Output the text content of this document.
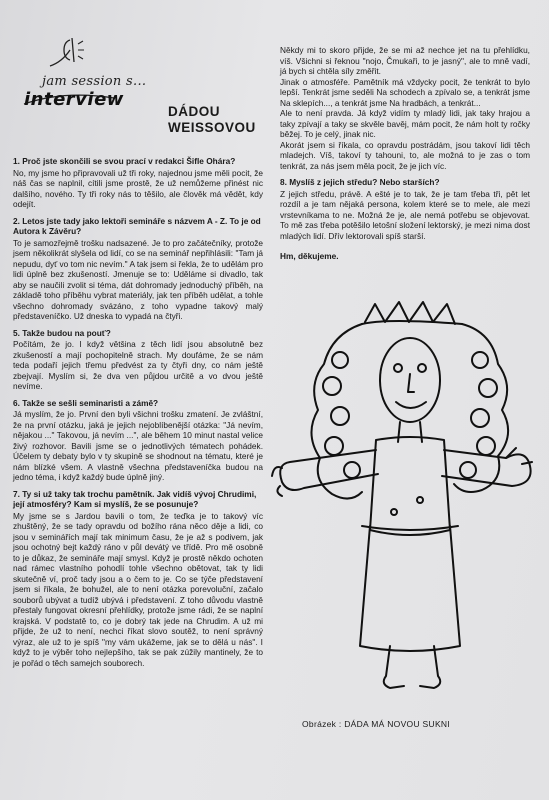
jam session s...
interview
DÁDOU
WEISSOVOU
1. Proč jste skončili se svou prací v redakci Šifle Ohára?

No, my jsme ho připravovali už tři roky, najednou jsme měli pocit, že náš čas se naplnil, cítili jsme prostě, že už nemůžeme přinést nic dalšího, nového. Ty tři roky nás to těšilo, ale člověk má vědět, kdy odejít.

2. Letos jste tady jako lektoři semináře s názvem A - Z. To je od Autora k Závěru?

To je samozřejmě trošku nadsazené. Je to pro začátečníky, protože jsem několikrát slyšela od lidí, co se na seminář nepřihlásili: "Tam já nepudu, dyť vo tom nic nevím." A tak jsem si řekla, že to udělám pro lidi úplně bez zkušeností. Jmenuje se to: Uděláme si divadlo, tak aby se naučili zvolit si téma, dát dohromady jednoduchý příběh, na základě toho příběhu vybrat materiály, jak ten příběh udělat, a tohle všechno dohromady svázáno, z toho vypadne takový malý představeníčko. Už dneska to vypadá na čtyři.

5. Takže budou na pouť?

Počítám, že jo. I když většina z těch lidí jsou absolutně bez zkušeností a mají pochopitelně strach. My doufáme, že se nám teda podaří jejich třemu předvést za ty čtyři dny, co nám ještě zbejvají. Myslím si, že dva ven půjdou určitě a vo dvou ještě nevíme.

6. Takže se sešli seminaristi a zámě?

Já myslím, že jo. První den byli všichni trošku zmatení. Je zvláštní, že na první otázku, jaká je jejich nejoblíbenější otázka: "Já nevím, nějakou ..." Takovou, já nevím ...", ale během 10 minut nastal velice živý rozhovor. Bavili jsme se o jednotlivých tématech pohádek. Účelem ty debaty bylo v ty skupině se shodnout na tématu, které je nám blízké všem. A vlastně všechna představeníčka budou na jedno téma, i když každý bude úplně jiný.

7. Ty si už taky tak trochu pamětník. Jak vidíš vývoj Chrudimi, její atmosféry? Kam si myslíš, že se posunuje?

My jsme se s Jardou bavili o tom, že teďka je to takový víc zhuštěný, že se tady opravdu od božího rána něco děje a lidi, co jsou v seminářích mají tak minimum času, že je až s podivem, jak jsou ochotný bejt každý ráno v půl devátý ve třídě. Pro mě osobně to je důkaz, že semináře mají smysl. Když je prostě někdo ochoten nad rámec vlastního pohodlí tohle všechno obětovat, tak ty lidi skutečně ví, proč tady jsou a o čem to je. Co se týče představení jsem si říkala, že bohužel, ale to není otázka porevoluční, začalo souborů ubývat a tudíž ubývá i představení. Z toho důvodu vlastně přestaly fungovat okresní přehlídky, protože jsme rádi, že se naplní krajská. V podstatě to, co je dobrý tak jede na Chrudim. A už mi přijde, že už to není, nechci říkat slovo soutěž, to není správný výraz, ale už to je spíš "my vám ukážeme, jak se to dělá u nás". I když to je výběr toho nejlepšího, tak se pak zúžily mantinely, že to je pořád o těch samejch souborech.

Někdy mi to skoro přijde, že se mi až nechce jet na tu přehlídku, víš. Všichni si řeknou "nojo, Čmukaři, to je jasný", ale to mně vadí, já bych si chtěla síly změřit.

Jinak o atmosféře. Pamětník má vždycky pocit, že tenkrát to bylo lepší. Tenkrát jsme seděli Na schodech a zpívalo se, a tenkrát jsme Na sklepích..., a tenkrát jsme Na hradbách, a tenkrát...

Ale to není pravda. Já když vidím ty mladý lidi, jak taky hrajou a taky zpívají a taky se skvěle bavěj, mám pocit, že nám holt ty ročky běžej. To je celý, jinak nic.

Akorát jsem si říkala, co opravdu postrádám, jsou takoví lidi těch mladejch. Víš, takoví ty tahouni, to, ale možná to je zas o tom tenkrát, za nás jsem měla pocit, že je jich víc.

8. Myslíš z jejich středu? Nebo starších?

Z jejich středu, právě. A ešté je to tak, že je tam třeba tři, pět let rozdíl a je tam nějaká persona, kolem které se to mele, ale mezi vrstevníkama to ne. Možná že je, ale nemá potřebu se objevovat. To mě zas třeba potěšilo letošní složení lektorský, je mezi nima dost mladých lidí. Dřív lektorovali spíš starší.

Hm, děkujeme.
Obrázek : DÁDA MÁ NOVOU SUKNI
